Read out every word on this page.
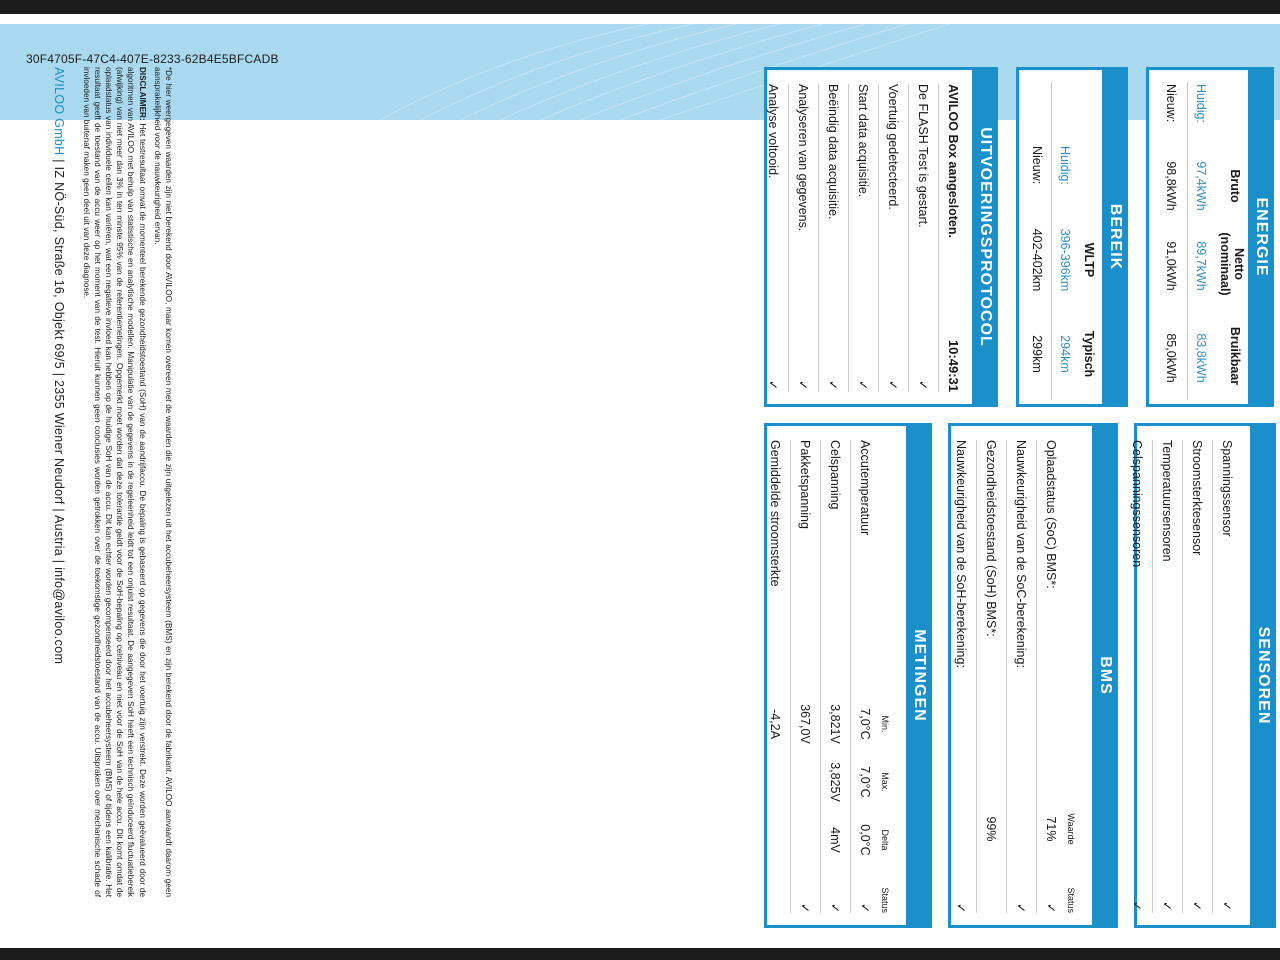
30F4705F-47C4-407E-8233-62B4E5BFCADB
ENERGIE
Bruto
Netto (nominaal)
Bruikbaar
Huidig:
97,4kWh
89,7kWh
83,8kWh
Nieuw:
98,8kWh
91,0kWh
85,0kWh
BEREIK
WLTP
Typisch
Huidig:
396-396km
294km
Nieuw:
402-402km
299km
UITVOERINGSPROTOCOL
AVILOO Box aangesloten.
10:49:31
De FLASH Test is gestart.
✓
Voertuig gedetecteerd.
✓
Start data acquisitie.
✓
Beëindig data acquisitie.
✓
Analyseren van gegevens.
✓
Analyse voltooid.
✓
SENSOREN
Spanningssensor
✓
Stroomsterktesensor
✓
Temperatuursensoren
✓
Celspanningssensoren
✓
BMS
Waarde
Status
Oplaadstatus (SoC) BMS*:
71%
✓
Nauwkeurigheid van de SoC-berekening:
✓
Gezondheidstoestand (SoH) BMS*:
99%
Nauwkeurigheid van de SoH-berekening:
✓
METINGEN
Min.
Max.
Delta
Status
Accutemperatuur
7,0°C
7,0°C
0,0°C
✓
Celspanning
3,821V
3,825V
4mV
✓
Pakketspanning
367,0V
✓
Gemiddelde stroomsterkte
-4,2A
*De hier weergegeven waarden zijn niet berekend door AVILOO, maar komen overeen met de waarden die zijn uitgelezen uit het accubeheersysteem (BMS) en zijn berekend door de fabrikant. AVILOO aanvaardt daarom geen aansprakelijkheid voor de nauwkeurigheid ervan.
DISCLAIMER: Het testresultaat omvat de momenteel berekende gezondheidstoestand (SoH) van de aandrijfaccu. De bepaling is gebaseerd op gegevens die door het voertuig zijn verstrekt. Deze worden geëvalueerd door de algoritmen van AVILOO met behulp van statistische en analytische modellen. Manipulatie van de gegevens in de regeleenheid leidt tot een onjuist resultaat. De aangegeven SoH heeft een technisch geïnduceerd fluctuatiebereik (afwijking) van niet meer dan 3% in ten minste 95% van de referentiemetingen. Opgemerkt moet worden dat deze tolerantie geldt voor de SoH-bepaling op celniveau en niet voor de SoH van de hele accu. Dit komt omdat de oplaadstatus van individuele cellen kan variëren, wat een negatieve invloed kan hebben op de huidige SoH van de accu. Dit kan echter worden gecompenseerd door het accubeheersysteem (BMS) of tijdens een kalibratie. Het resultaat geeft de toestand van de accu weer op het moment van de test. Hieruit kunnen geen conclusies worden getrokken over de toekomstige gezondheidstoestand van de accu. Uitspraken over mechanische schade of invloeden van buitenaf maken geen deel uit van deze diagnose.
AVILOO GmbH | IZ NÖ-Süd, Straße 16, Objekt 69/5 | 2355 Wiener Neudorf | Austria | info@aviloo.com
